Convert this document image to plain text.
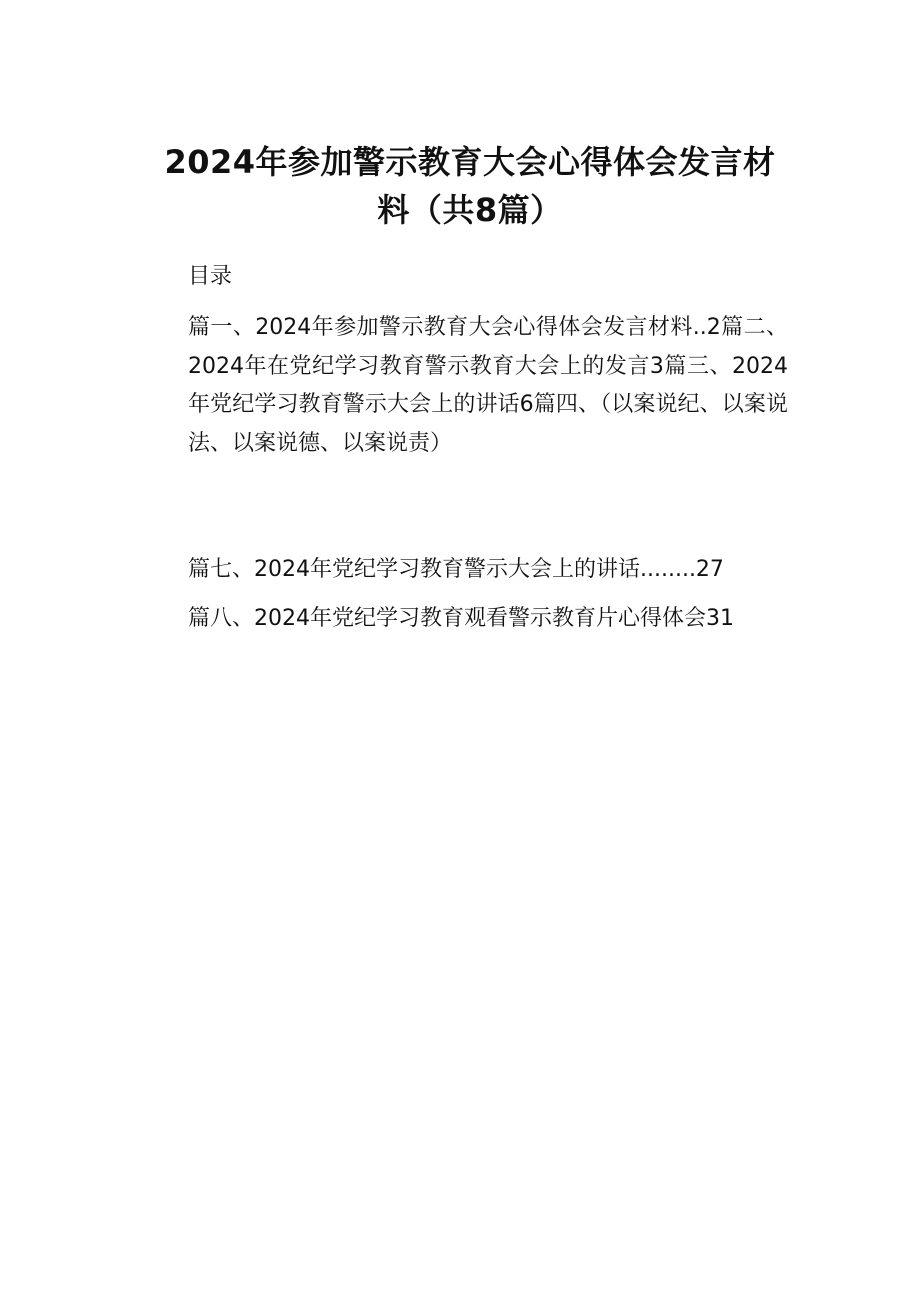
2024年参加警示教育大会心得体会发言材料（共8篇）

目录

篇一、2024年参加警示教育大会心得体会发言材料..2篇二、2024年在党纪学习教育警示教育大会上的发言3篇三、2024年党纪学习教育警示大会上的讲话6篇四、（以案说纪、以案说法、以案说德、以案说责）

篇七、2024年党纪学习教育警示大会上的讲话........27

篇八、2024年党纪学习教育观看警示教育片心得体会31
